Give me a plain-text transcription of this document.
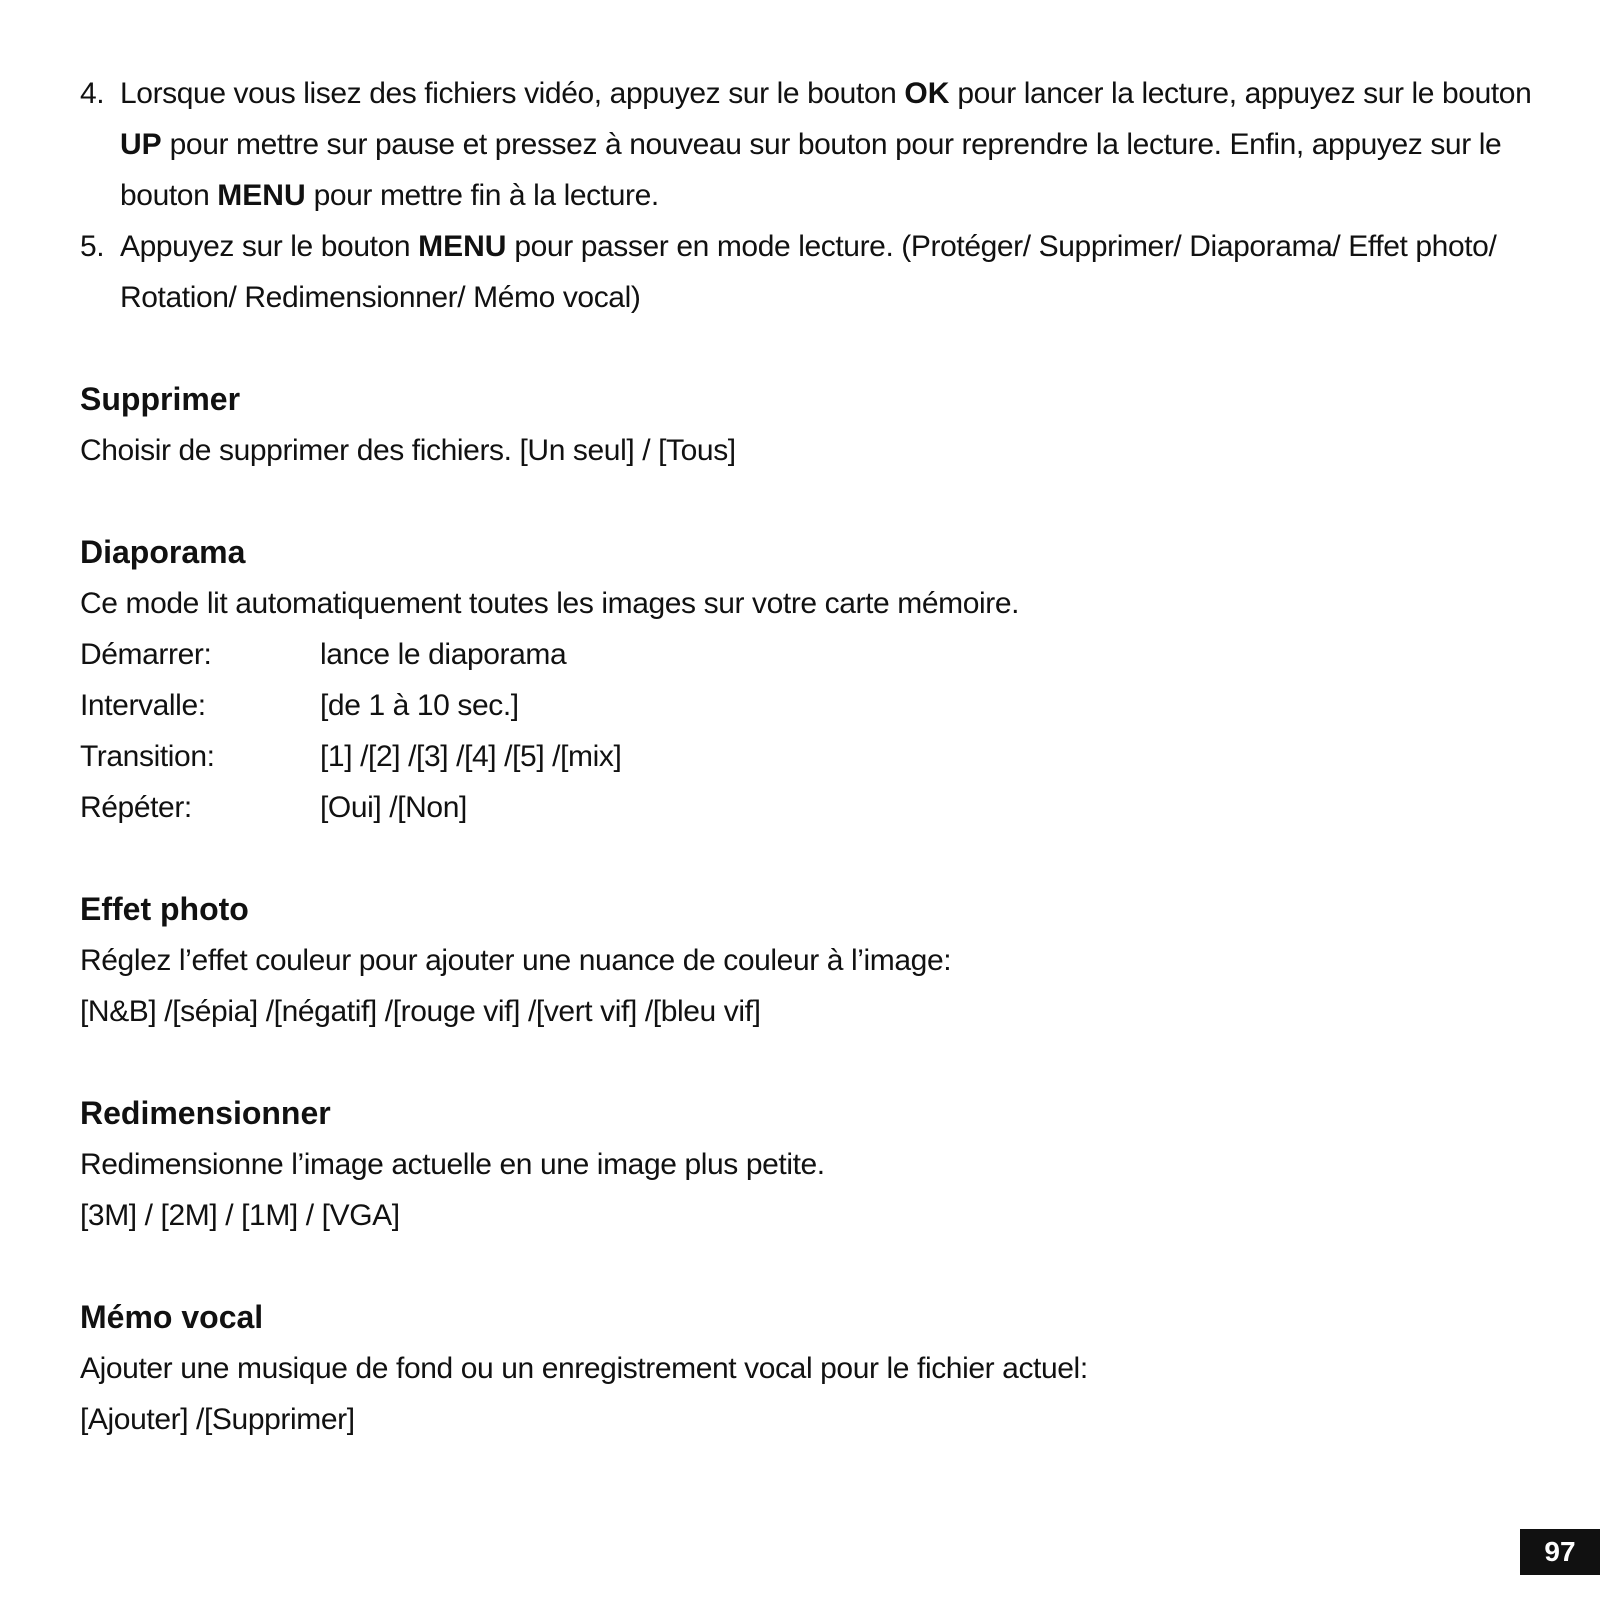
4. Lorsque vous lisez des fichiers vidéo, appuyez sur le bouton OK pour lancer la lecture, appuyez sur le bouton UP pour mettre sur pause et pressez à nouveau sur bouton pour reprendre la lecture. Enfin, appuyez sur le bouton MENU pour mettre fin à la lecture.
5. Appuyez sur le bouton MENU pour passer en mode lecture. (Protéger/ Supprimer/ Diaporama/ Effet photo/ Rotation/ Redimensionner/ Mémo vocal)
Supprimer

Choisir de supprimer des fichiers. [Un seul] / [Tous]

Diaporama

Ce mode lit automatiquement toutes les images sur votre carte mémoire.

Démarrer:	lance le diaporama
Intervalle:	[de 1 à 10 sec.]
Transition:	[1] /[2] /[3] /[4] /[5] /[mix]
Répéter:	[Oui] /[Non]
Effet photo

Réglez l’effet couleur pour ajouter une nuance de couleur à l’image:

[N&B] /[sépia] /[négatif] /[rouge vif] /[vert vif] /[bleu vif]

Redimensionner

Redimensionne l’image actuelle en une image plus petite.

[3M] / [2M] / [1M] / [VGA]

Mémo vocal

Ajouter une musique de fond ou un enregistrement vocal pour le fichier actuel:

[Ajouter] /[Supprimer]

97
